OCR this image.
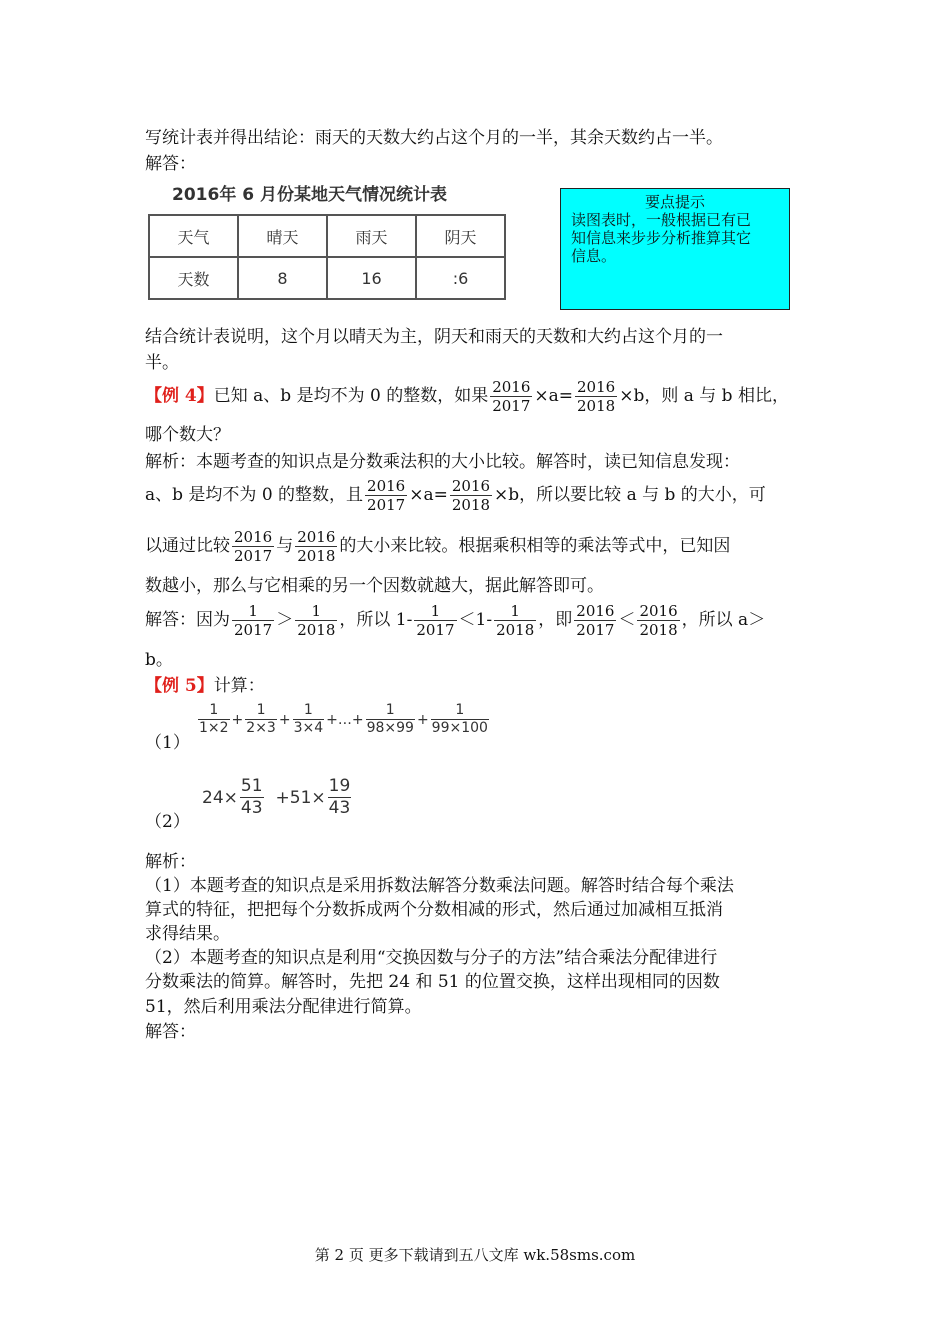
写统计表并得出结论：雨天的天数大约占这个月的一半，其余天数约占一半。
解答：
2016年 6 月份某地天气情况统计表
天气	晴天	雨天	阴天
天数	8	16	:6
要点提示
读图表时，一般根据已有已
知信息来步步分析推算其它
信息。
结合统计表说明，这个月以晴天为主，阴天和雨天的天数和大约占这个月的一
半。
【例 4】已知 a、b 是均不为 0 的整数，如果 $\frac{2016}{2017} \times a= \frac{2016}{2018} \times b$，则 a 与 b 相比，
哪个数大？
解析：本题考查的知识点是分数乘法积的大小比较。解答时，读已知信息发现：
a、b 是均不为 0 的整数，且 $\frac{2016}{2017} \times a= \frac{2016}{2018} \times b$，所以要比较 a 与 b 的大小，可
以通过比较 $\frac{2016}{2017}$ 与 $\frac{2016}{2018}$ 的大小来比较。根据乘积相等的乘法等式中，已知因
数越小，那么与它相乘的另一个因数就越大，据此解答即可。
解答：因为 $\frac{1}{2017} > \frac{1}{2018}$ ，所以 $1- \frac{1}{2017} <1- \frac{1}{2018}$ ，即 $\frac{2016}{2017} < \frac{2016}{2018}$ ，所以 a＞
b。
【例 5】计算：
（1）
$\frac{1}{1\times 2} + \frac{1}{2\times 3} + \frac{1}{3\times 4}$ +…+ $\frac{1}{98\times 99} + \frac{1}{99\times 100}$
（2）
$24\times \frac{51}{43} +51\times \frac{19}{43}$
解析：
（1）本题考查的知识点是采用拆数法解答分数乘法问题。解答时结合每个乘法
算式的特征，把把每个分数拆成两个分数相减的形式，然后通过加减相互抵消
求得结果。
（2）本题考查的知识点是利用“交换因数与分子的方法”结合乘法分配律进行
分数乘法的简算。解答时，先把 24 和 51 的位置交换，这样出现相同的因数
51，然后利用乘法分配律进行简算。
解答：
第 2 页 更多下载请到五八文库 wk.58sms.com
